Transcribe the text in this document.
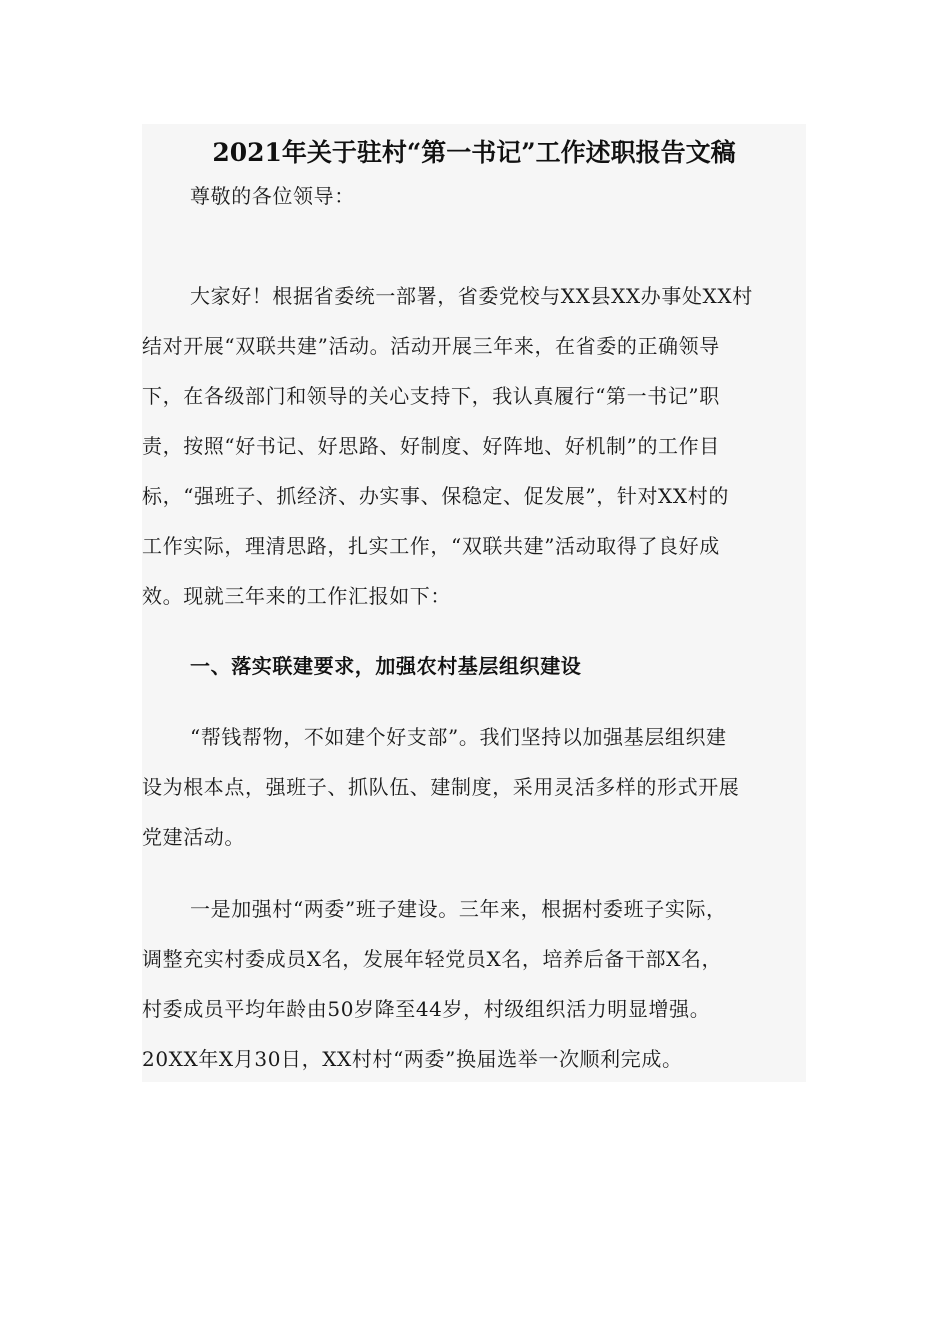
2021年关于驻村“第一书记”工作述职报告文稿

尊敬的各位领导：

大家好！根据省委统一部署，省委党校与XX县XX办事处XX村
结对开展“双联共建”活动。活动开展三年来，在省委的正确领导
下，在各级部门和领导的关心支持下，我认真履行“第一书记”职
责，按照“好书记、好思路、好制度、好阵地、好机制”的工作目
标，“强班子、抓经济、办实事、保稳定、促发展”，针对XX村的
工作实际，理清思路，扎实工作，“双联共建”活动取得了良好成
效。现就三年来的工作汇报如下：

一、落实联建要求，加强农村基层组织建设

“帮钱帮物，不如建个好支部”。我们坚持以加强基层组织建
设为根本点，强班子、抓队伍、建制度，采用灵活多样的形式开展
党建活动。

一是加强村“两委”班子建设。三年来，根据村委班子实际，
调整充实村委成员X名，发展年轻党员X名，培养后备干部X名，
村委成员平均年龄由50岁降至44岁，村级组织活力明显增强。
20XX年X月30日，XX村村“两委”换届选举一次顺利完成。
